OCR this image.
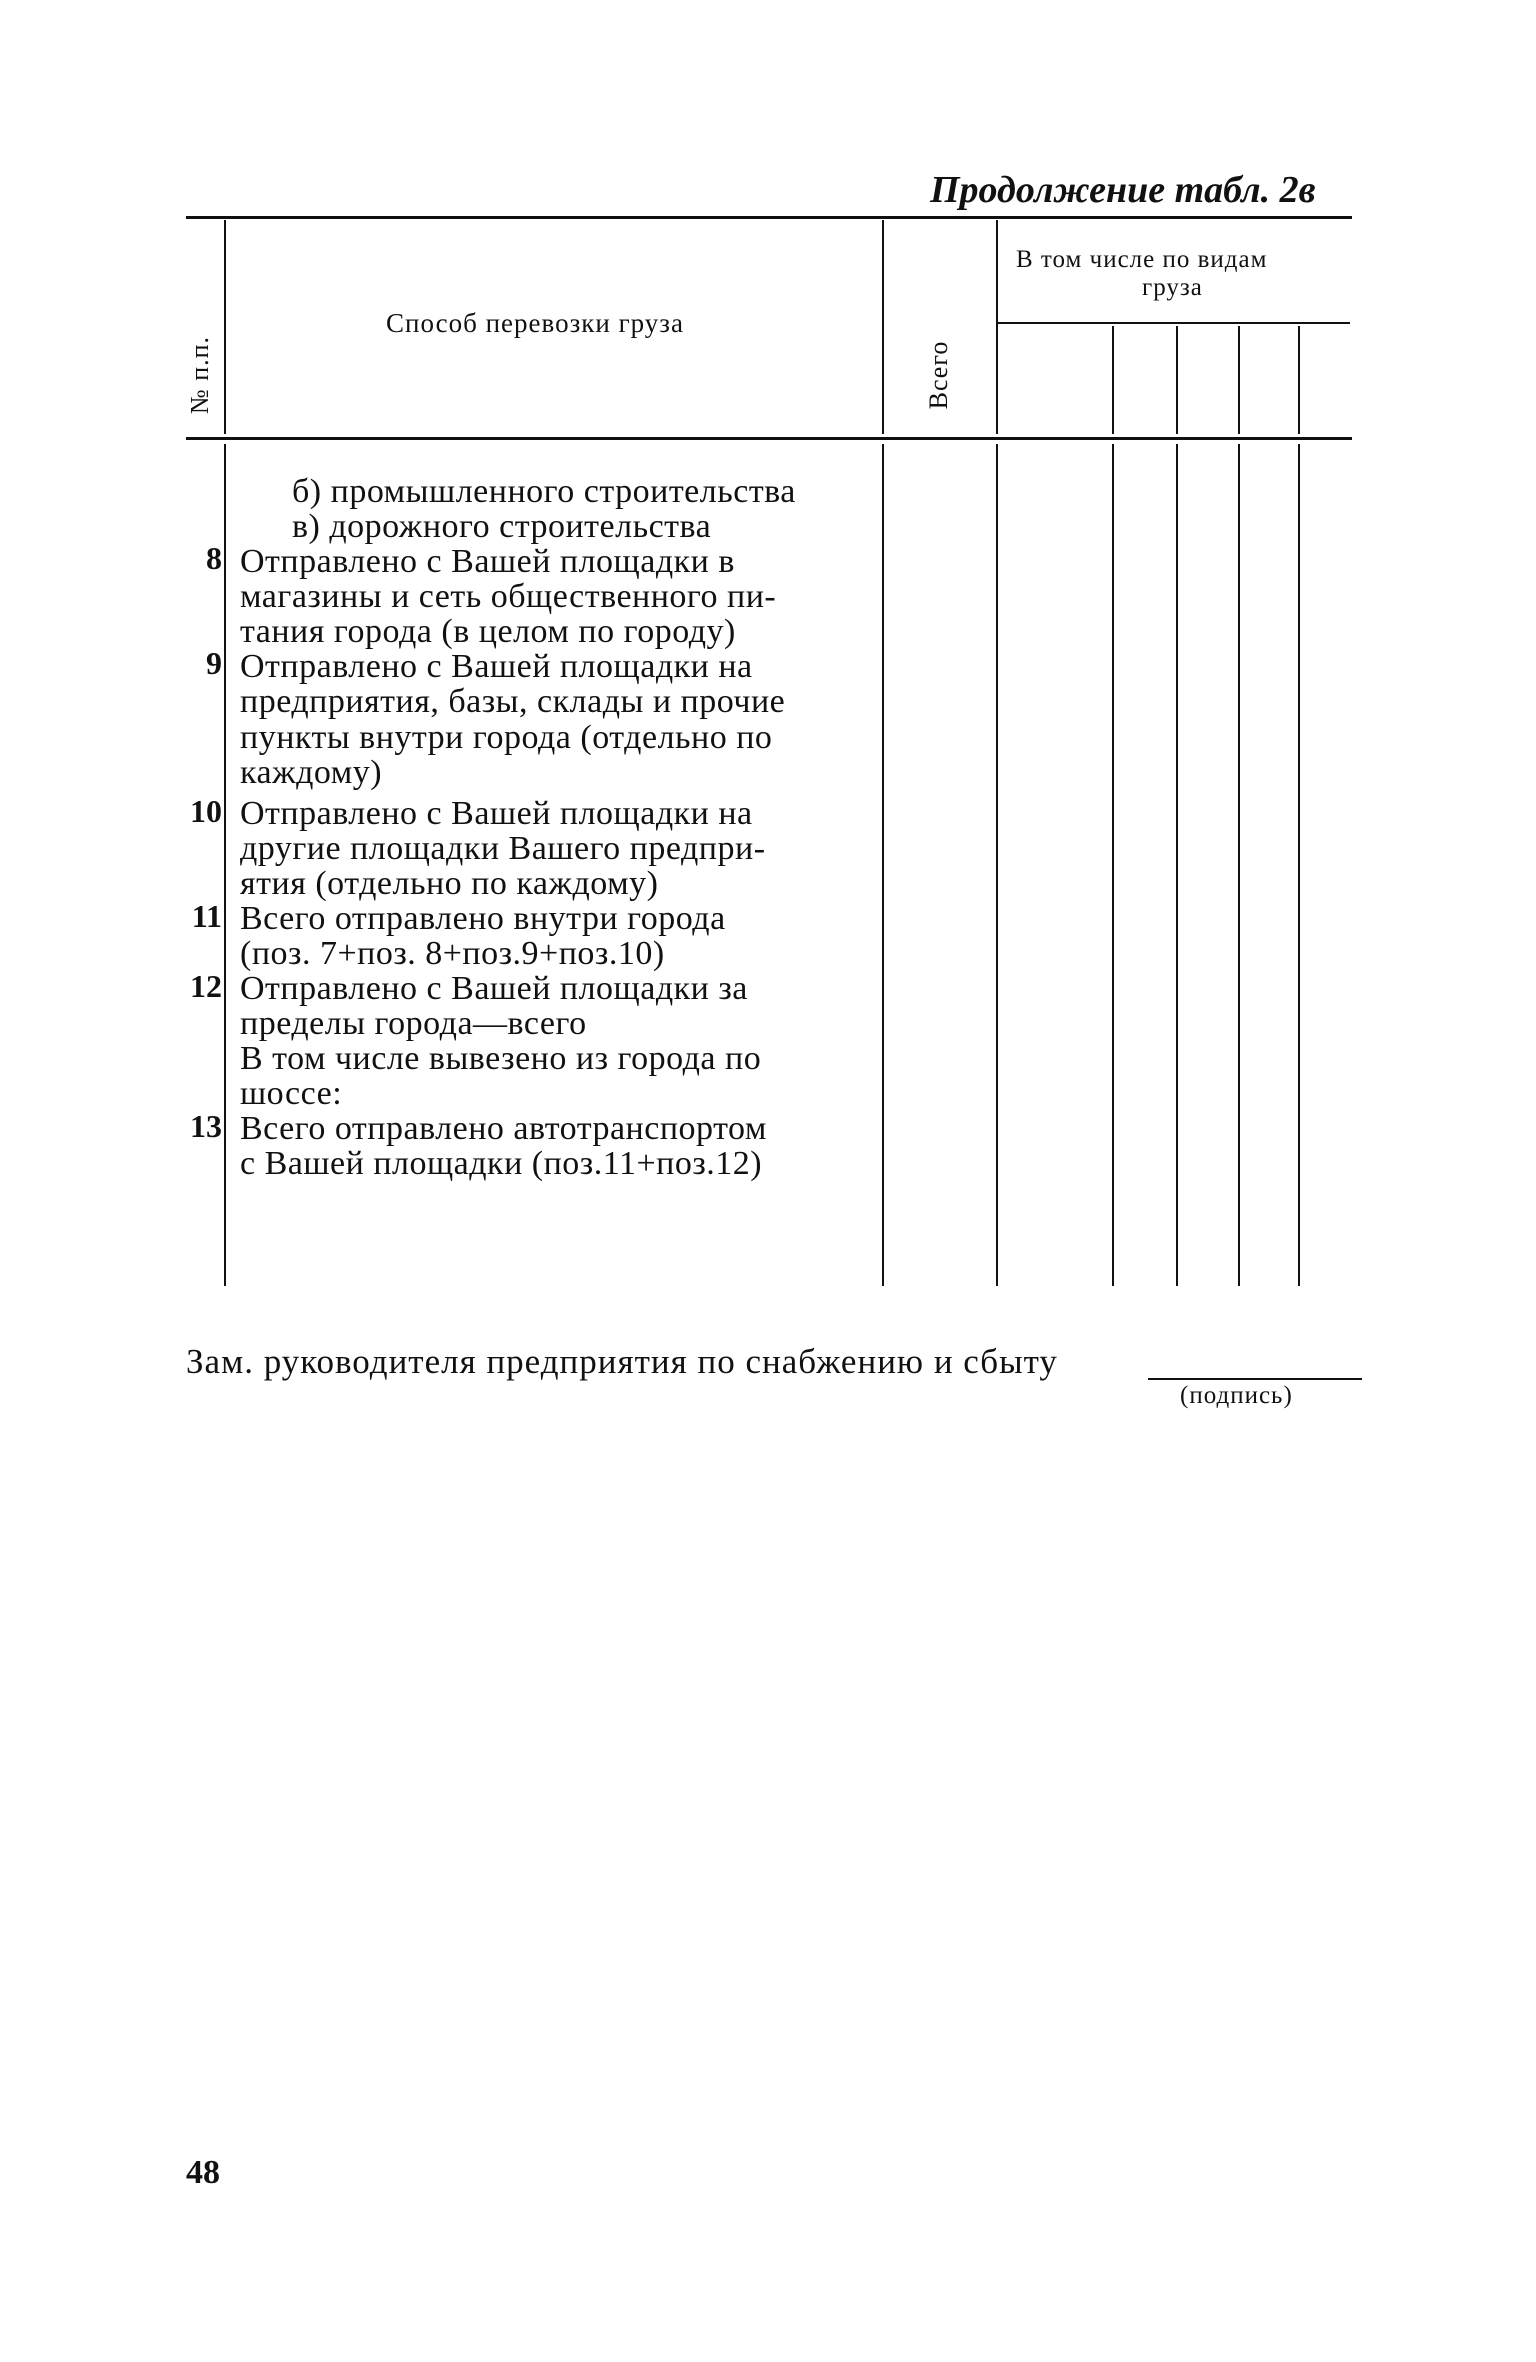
Продолжение табл. 2в
№ п.п.
Способ перевозки груза
Всего
В том числе по видам
груза
8
9
10
11
12
13
б) промышленного строительства
в) дорожного строительства
Отправлено с Вашей площадки в
магазины и сеть общественного пи-
тания города (в целом по городу)
Отправлено с Вашей площадки на
предприятия, базы, склады и прочие
пункты внутри города (отдельно по
каждому)
Отправлено с Вашей площадки на
другие площадки Вашего предпри-
ятия (отдельно по каждому)
Всего отправлено внутри города
(поз. 7+поз. 8+поз.9+поз.10)
Отправлено с Вашей площадки за
пределы города—всего
В том числе вывезено из города по
шоссе:
Всего отправлено автотранспортом
с Вашей площадки (поз.11+поз.12)
Зам. руководителя предприятия по снабжению и сбыту
(подпись)
48
